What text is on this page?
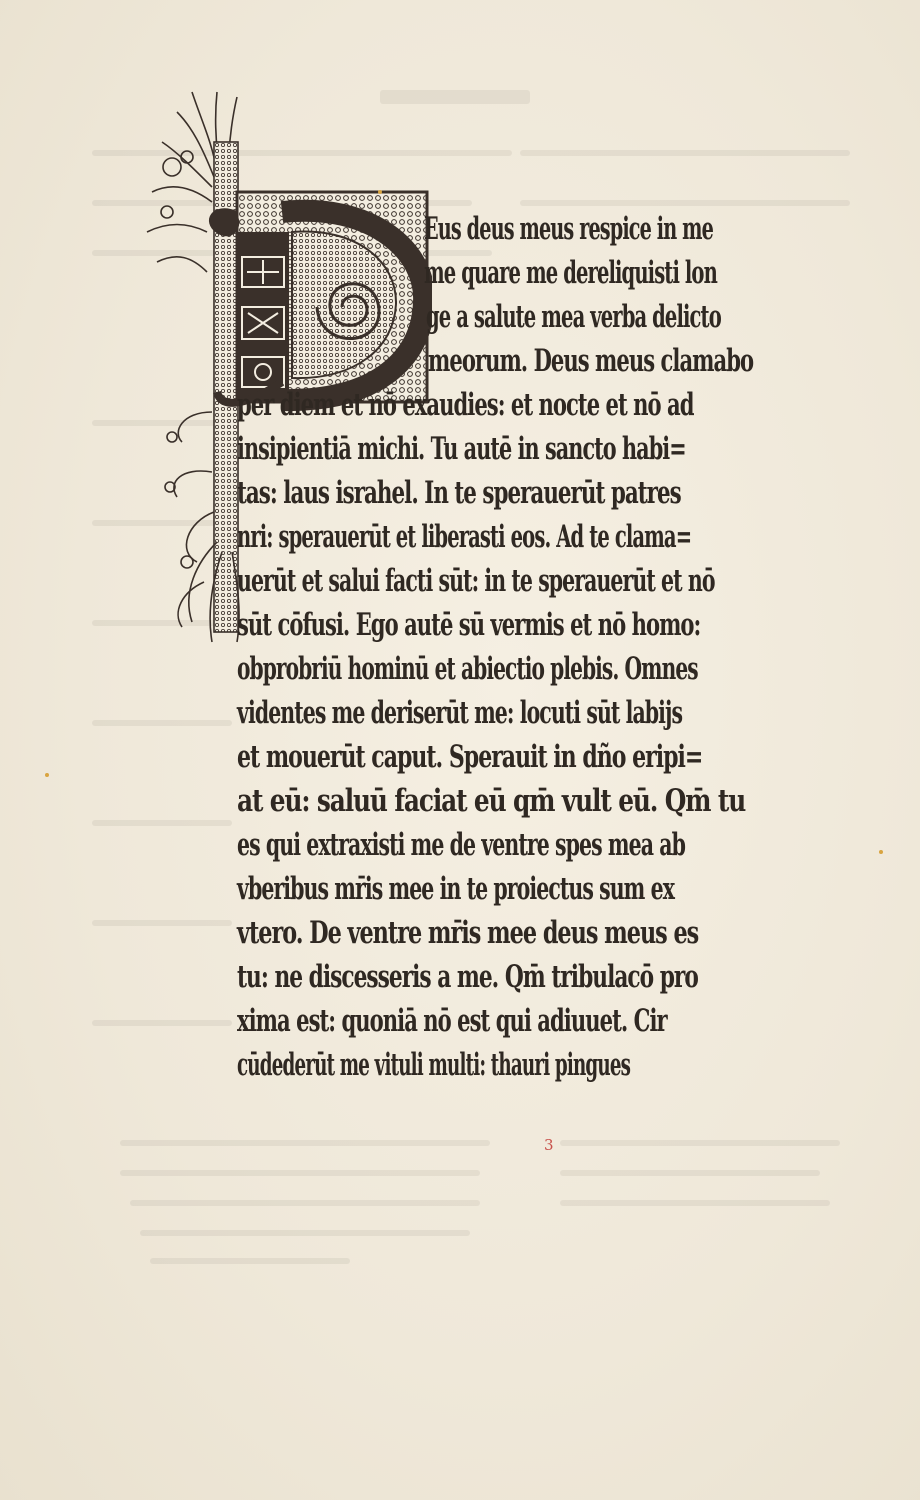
Eus deus meus respice in me
me quare me dereliquisti lon
ge a salute mea verba delicto
meorum. Deus meus clamabo
per diem et nō exaudies: et nocte et nō ad
insipientiā michi. Tu autē in sancto habi=
tas: laus israhel. In te sperauerūt patres
nri: sperauerūt et liberasti eos. Ad te clama=
uerūt et salui facti sūt: in te sperauerūt et nō
sūt cōfusi. Ego autē sū vermis et nō homo:
obprobriū hominū et abiectio plebis. Omnes
videntes me deriserūt me: locuti sūt labijs
et mouerūt caput. Sperauit in dño eripi=
at eū: saluū faciat eū qm̄ vult eū. Qm̄ tu
es qui extraxisti me de ventre spes mea ab
vberibus mr̄is mee in te proiectus sum ex
vtero. De ventre mr̄is mee deus meus es
tu: ne discesseris a me. Qm̄ tribulacō pro
xima est: quoniā nō est qui adiuuet. Cir
cūdederūt me vituli multi: thauri pingues
3
